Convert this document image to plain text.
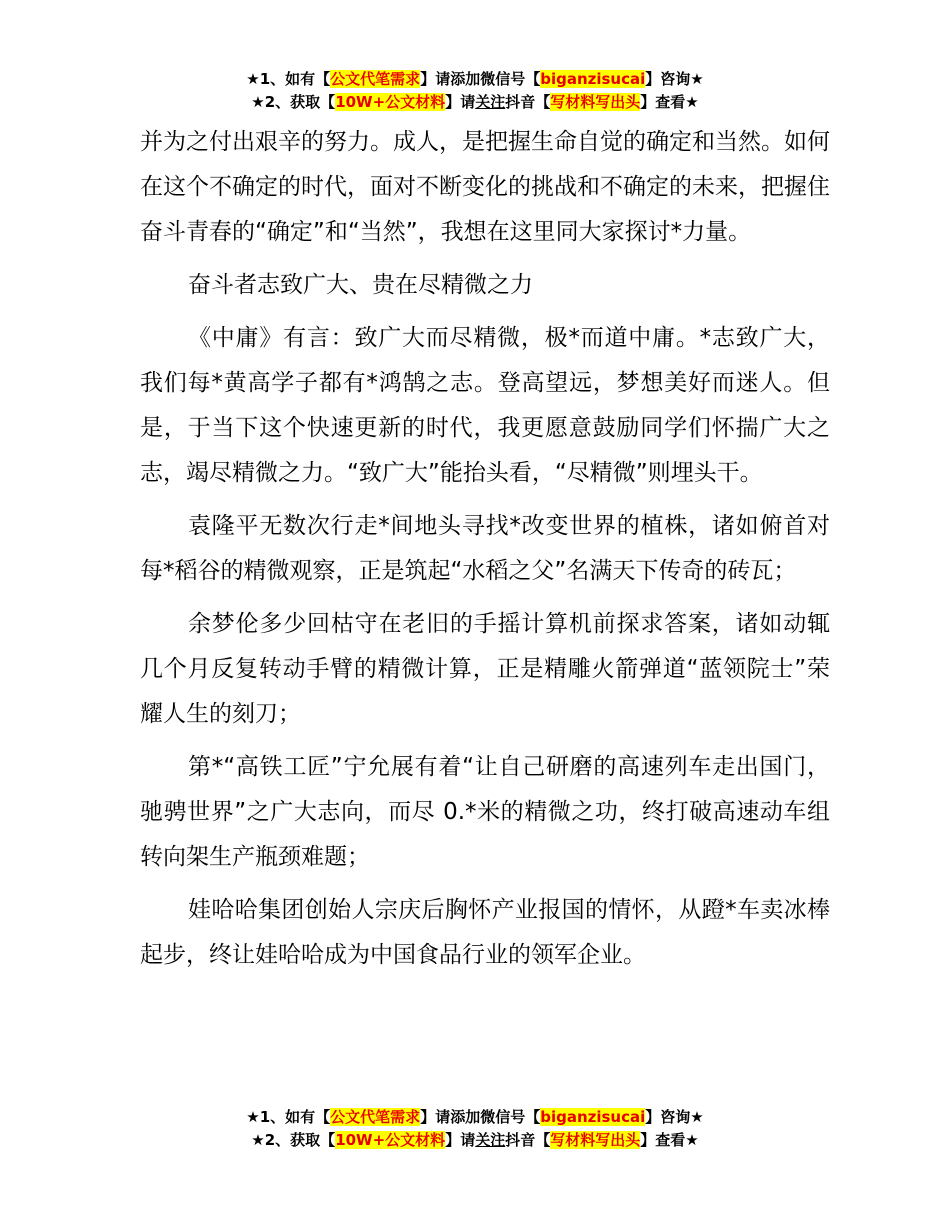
★1、如有【公文代笔需求】请添加微信号【biganzisucai】咨询★
★2、获取【10W+公文材料】请关注抖音【写材料写出头】查看★

并为之付出艰辛的努力。成人，是把握生命自觉的确定和当然。如何在这个不确定的时代，面对不断变化的挑战和不确定的未来，把握住奋斗青春的“确定”和“当然”，我想在这里同大家探讨*力量。

奋斗者志致广大、贵在尽精微之力

《中庸》有言：致广大而尽精微，极*而道中庸。*志致广大，我们每*黄高学子都有*鸿鹄之志。登高望远，梦想美好而迷人。但是，于当下这个快速更新的时代，我更愿意鼓励同学们怀揣广大之志，竭尽精微之力。“致广大”能抬头看，“尽精微”则埋头干。

袁隆平无数次行走*间地头寻找*改变世界的植株，诸如俯首对每*稻谷的精微观察，正是筑起“水稻之父”名满天下传奇的砖瓦；

余梦伦多少回枯守在老旧的手摇计算机前探求答案，诸如动辄几个月反复转动手臂的精微计算，正是精雕火箭弹道“蓝领院士”荣耀人生的刻刀；

第*“高铁工匠”宁允展有着“让自己研磨的高速列车走出国门，驰骋世界”之广大志向，而尽 0.*米的精微之功，终打破高速动车组转向架生产瓶颈难题；

娃哈哈集团创始人宗庆后胸怀产业报国的情怀，从蹬*车卖冰棒起步，终让娃哈哈成为中国食品行业的领军企业。

★1、如有【公文代笔需求】请添加微信号【biganzisucai】咨询★
★2、获取【10W+公文材料】请关注抖音【写材料写出头】查看★
